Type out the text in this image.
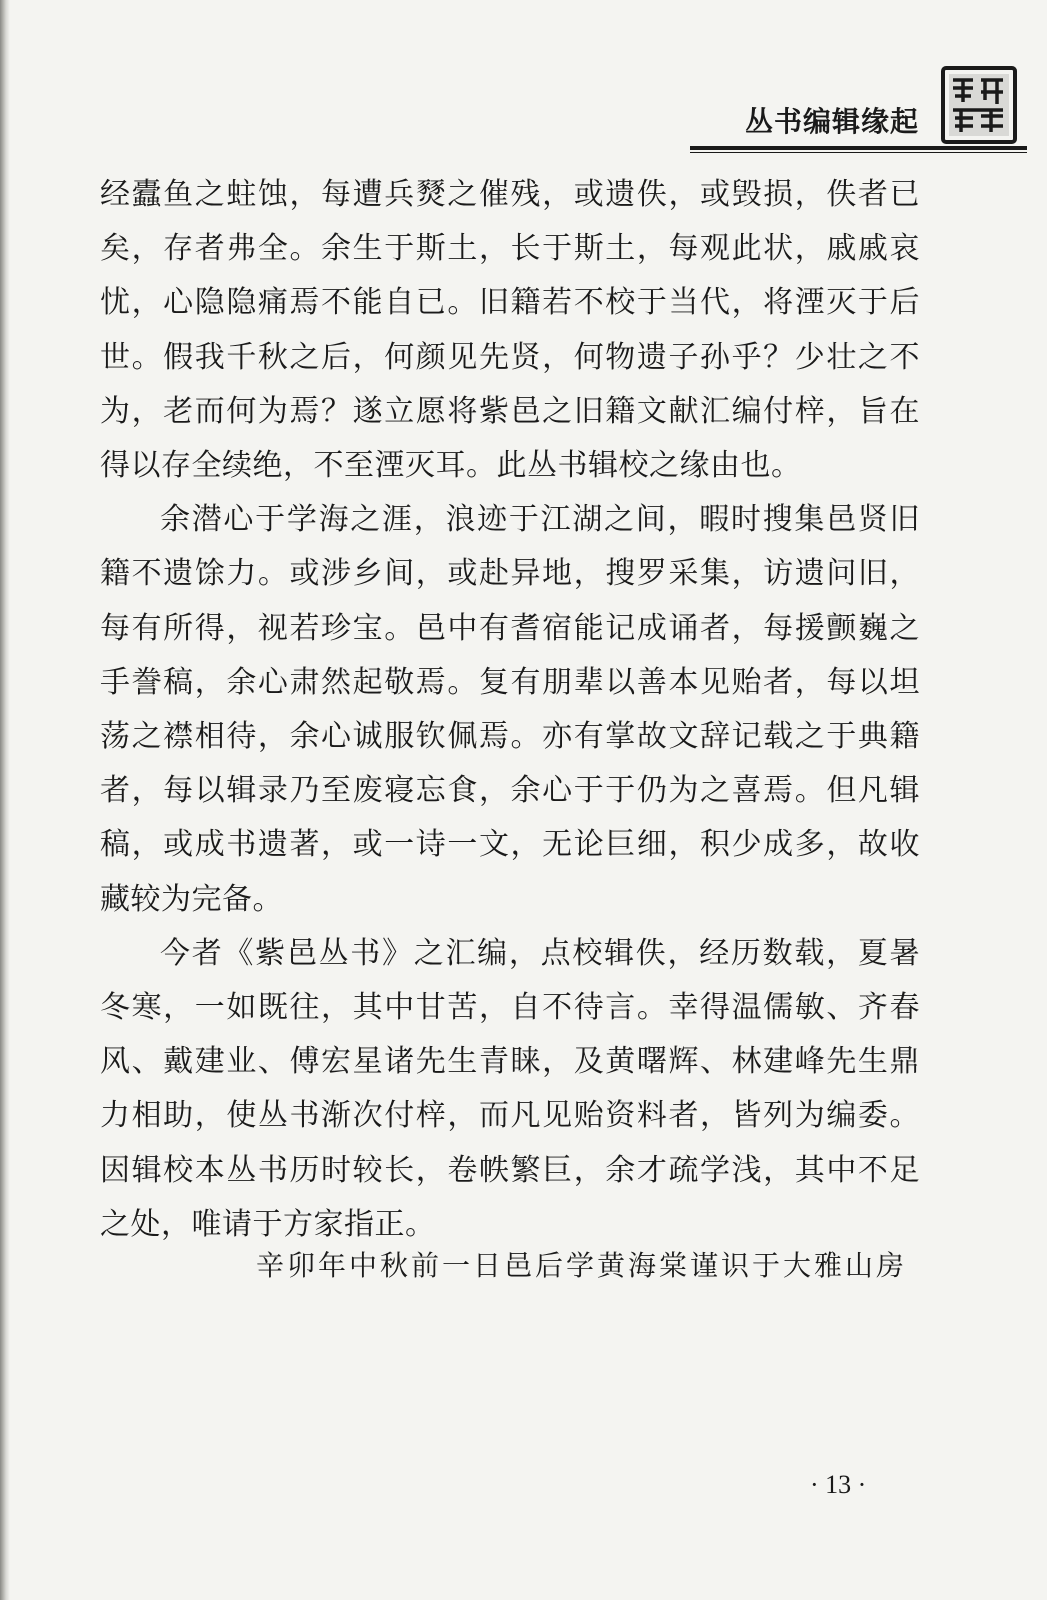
丛书编辑缘起

经蠹鱼之蛀蚀，每遭兵燹之催残，或遗佚，或毁损，佚者已矣，存者弗全。余生于斯土，长于斯土，每观此状，戚戚哀忧，心隐隐痛焉不能自已。旧籍若不校于当代，将湮灭于后世。假我千秋之后，何颜见先贤，何物遗子孙乎？少壮之不为，老而何为焉？遂立愿将紫邑之旧籍文献汇编付梓，旨在得以存全续绝，不至湮灭耳。此丛书辑校之缘由也。

余潜心于学海之涯，浪迹于江湖之间，暇时搜集邑贤旧籍不遗馀力。或涉乡间，或赴异地，搜罗采集，访遗问旧，每有所得，视若珍宝。邑中有耆宿能记成诵者，每援颤巍之手誊稿，余心肃然起敬焉。复有朋辈以善本见贻者，每以坦荡之襟相待，余心诚服钦佩焉。亦有掌故文辞记载之于典籍者，每以辑录乃至废寝忘食，余心于于仍为之喜焉。但凡辑稿，或成书遗著，或一诗一文，无论巨细，积少成多，故收藏较为完备。

今者《紫邑丛书》之汇编，点校辑佚，经历数载，夏暑冬寒，一如既往，其中甘苦，自不待言。幸得温儒敏、齐春风、戴建业、傅宏星诸先生青睐，及黄曙辉、林建峰先生鼎力相助，使丛书渐次付梓，而凡见贻资料者，皆列为编委。因辑校本丛书历时较长，卷帙繁巨，余才疏学浅，其中不足之处，唯请于方家指正。

辛卯年中秋前一日邑后学黄海棠谨识于大雅山房
· 13 ·
